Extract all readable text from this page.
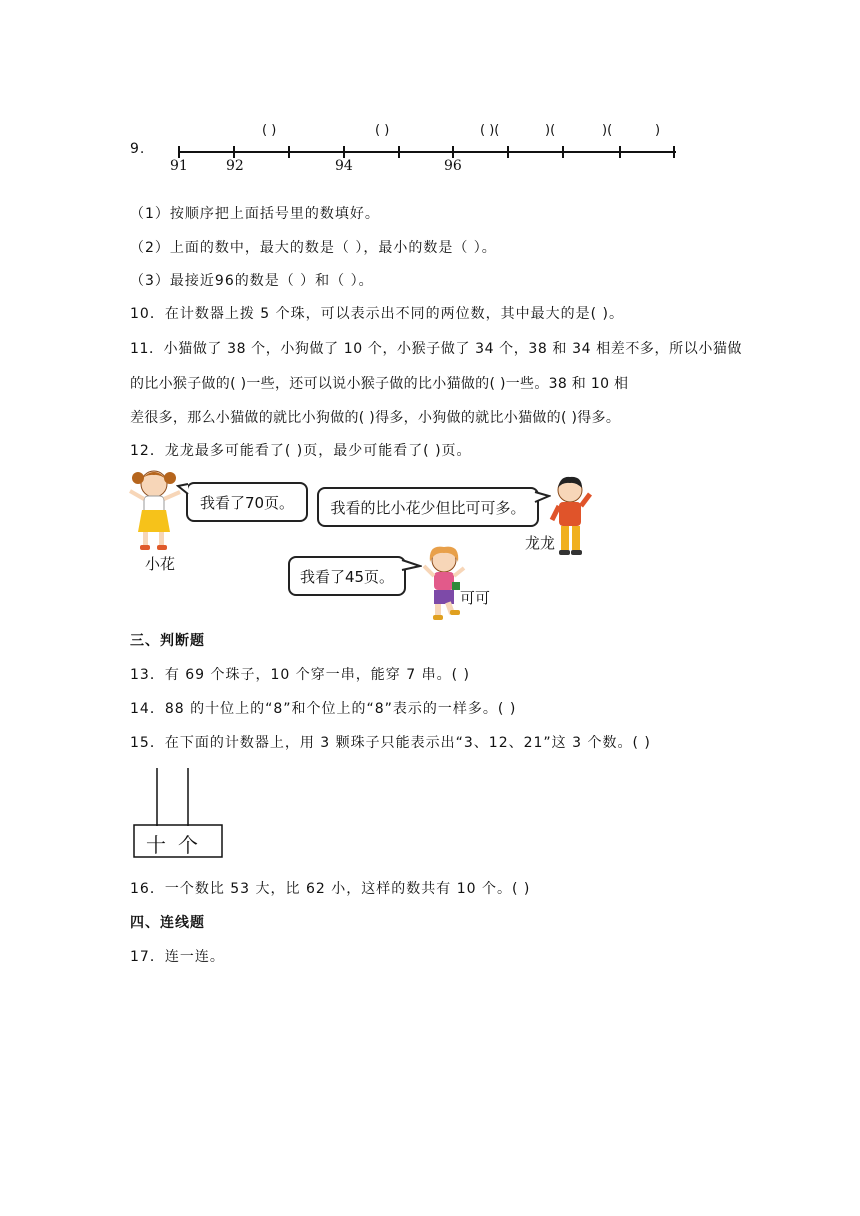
9.
( )	( )	( )(	)(	)(	)
91	92	94	96
（1）按顺序把上面括号里的数填好。
（2）上面的数中，最大的数是（ ），最小的数是（ ）。
（3）最接近96的数是（ ）和（ ）。
10．在计数器上拨 5 个珠，可以表示出不同的两位数，其中最大的是( )。
11．小猫做了 38 个，小狗做了 10 个，小猴子做了 34 个，38 和 34 相差不多，所以小猫做
的比小猴子做的( )一些，还可以说小猴子做的比小猫做的( )一些。38 和 10 相
差很多，那么小猫做的就比小狗做的( )得多，小狗做的就比小猫做的( )得多。
12．龙龙最多可能看了( )页，最少可能看了( )页。
小花
我看了70页。 我看的比小花少但比可可多。
龙龙
我看了45页。
可可
三、判断题
13．有 69 个珠子，10 个穿一串，能穿 7 串。( )
14．88 的十位上的“8”和个位上的“8”表示的一样多。( )
15．在下面的计数器上，用 3 颗珠子只能表示出“3、12、21”这 3 个数。( )
十
个
16．一个数比 53 大，比 62 小，这样的数共有 10 个。( )
四、连线题
17．连一连。
